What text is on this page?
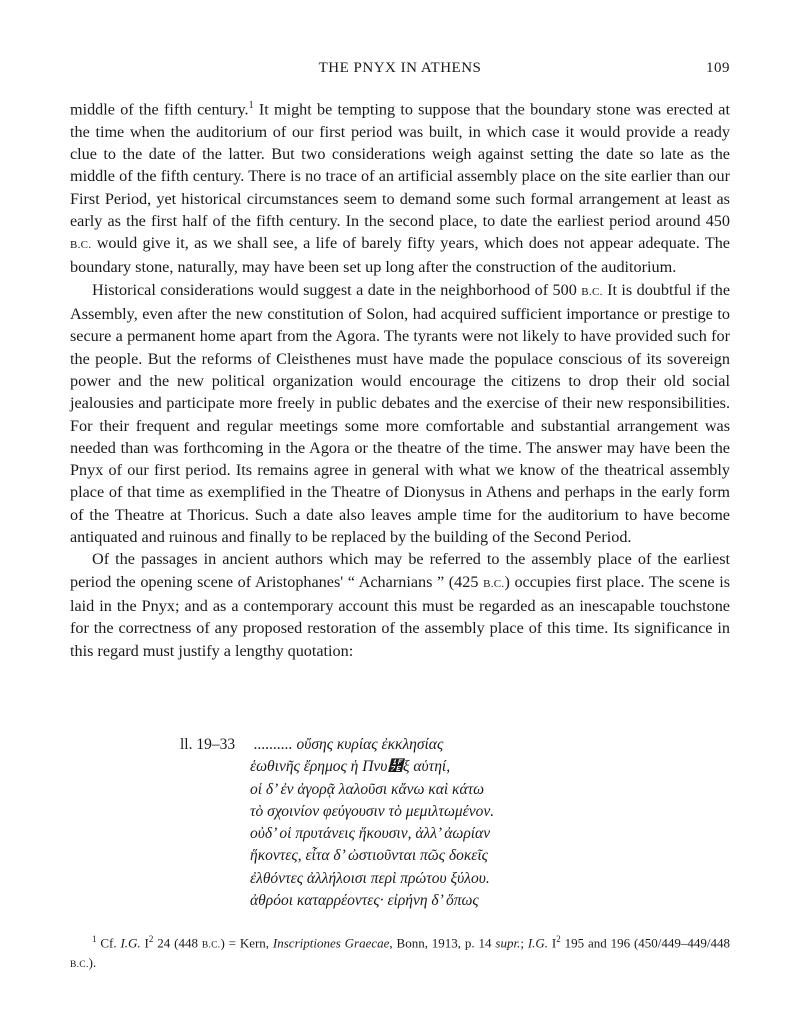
THE PNYX IN ATHENS	109

middle of the fifth century.$^1$ It might be tempting to suppose that the boundary stone was erected at the time when the auditorium of our first period was built, in which case it would provide a ready clue to the date of the latter. But two considerations weigh against setting the date so late as the middle of the fifth century. There is no trace of an artificial assembly place on the site earlier than our First Period, yet historical circumstances seem to demand some such formal arrangement at least as early as the first half of the fifth century. In the second place, to date the earliest period around 450 B.C. would give it, as we shall see, a life of barely fifty years, which does not appear adequate. The boundary stone, naturally, may have been set up long after the construction of the auditorium.

Historical considerations would suggest a date in the neighborhood of 500 B.C. It is doubtful if the Assembly, even after the new constitution of Solon, had acquired sufficient importance or prestige to secure a permanent home apart from the Agora. The tyrants were not likely to have provided such for the people. But the reforms of Cleisthenes must have made the populace conscious of its sovereign power and the new political organization would encourage the citizens to drop their old social jealousies and participate more freely in public debates and the exercise of their new responsibilities. For their frequent and regular meetings some more comfortable and substantial arrangement was needed than was forthcoming in the Agora or the theatre of the time. The answer may have been the Pnyx of our first period. Its remains agree in general with what we know of the theatrical assembly place of that time as exemplified in the Theatre of Dionysus in Athens and perhaps in the early form of the Theatre at Thoricus. Such a date also leaves ample time for the auditorium to have become antiquated and ruinous and finally to be replaced by the building of the Second Period.

Of the passages in ancient authors which may be referred to the assembly place of the earliest period the opening scene of Aristophanes' “ Acharnians ” (425 B.C.) occupies first place. The scene is laid in the Pnyx; and as a contemporary account this must be regarded as an inescapable touchstone for the correctness of any proposed restoration of the assembly place of this time. Its significance in this regard must justify a lengthy quotation:

ll. 19–33 .......... οὔσης κυρίας ἐκκλησίας
ἑωθινῆς ἔρημος ἡ Πνυ὾ξ αὑτηί,
οἱ δ’ ἐν ἀγορᾷ λαλοῦσι κἄνω καὶ κάτω
τὸ σχοινίον φεύγουσιν τὸ μεμιλτωμένον.
οὐδ’ οἱ πρυτάνεις ἥκουσιν, ἀλλ’ ἀωρίαν
ἥκοντες, εἶτα δ’ ὠστιοῦνται πῶς δοκεῖς
ἐλθόντες ἀλλήλοισι περὶ πρώτου ξύλου.
ἀθρόοι καταρρέοντες· εἰρήνη δ’ ὅπως

$^1$ Cf. I.G. $I^2$ 24 (448 B.C.) = Kern, Inscriptiones Graecae, Bonn, 1913, p. 14 supr.; I.G. $I^2$ 195 and 196 (450/449–449/448 B.C.).
